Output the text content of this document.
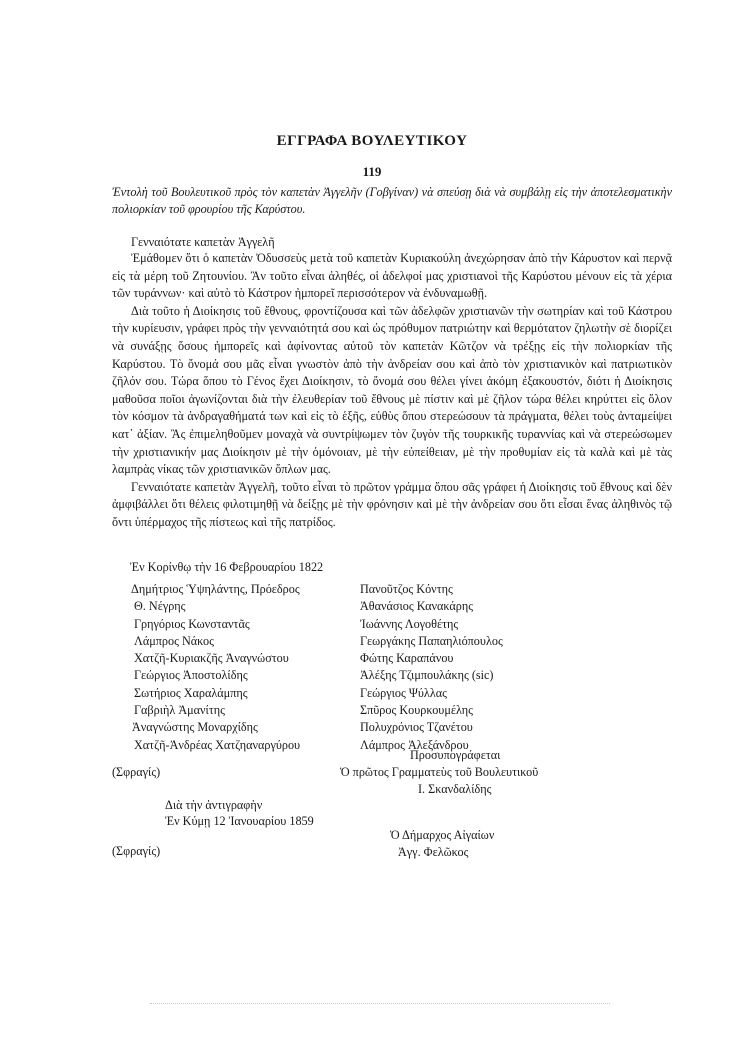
ΕΓΓΡΑΦΑ ΒΟΥΛΕΥΤΙΚΟΥ
119
Ἐντολὴ τοῦ Βουλευτικοῦ πρὸς τὸν καπετὰν Ἀγγελῆν (Γοβγίναν) νὰ σπεύσῃ διὰ νὰ συμβάλῃ εἰς τὴν ἀποτελεσματικὴν πολιορκίαν τοῦ φρουρίου τῆς Καρύστου.
Γενναιότατε καπετὰν Ἀγγελῆ

Ἐμάθομεν ὅτι ὁ καπετὰν Ὀδυσσεὺς μετὰ τοῦ καπετὰν Κυριακούλη ἀνεχώρησαν ἀπὸ τὴν Κάρυστον καὶ περνᾷ εἰς τὰ μέρη τοῦ Ζητουνίου. Ἂν τοῦτο εἶναι ἀληθές, οἱ ἀδελφοί μας χριστιανοὶ τῆς Καρύστου μένουν εἰς τὰ χέρια τῶν τυράννων· καὶ αὐτὸ τὸ Κάστρον ἠμπορεῖ περισσότερον νὰ ἐνδυναμωθῇ.

Διὰ τοῦτο ἡ Διοίκησις τοῦ ἔθνους, φροντίζουσα καὶ τῶν ἀδελφῶν χριστιανῶν τὴν σωτηρίαν καὶ τοῦ Κάστρου τὴν κυρίευσιν, γράφει πρὸς τὴν γενναιότητά σου καὶ ὡς πρόθυμον πατριώτην καὶ θερμότατον ζηλωτὴν σὲ διορίζει νὰ συνάξῃς ὅσους ἠμπορεῖς καὶ ἀφίνοντας αὐτοῦ τὸν καπετὰν Κῶτζον νὰ τρέξῃς εἰς τὴν πολιορκίαν τῆς Καρύστου. Τὸ ὄνομά σου μᾶς εἶναι γνωστὸν ἀπὸ τὴν ἀνδρείαν σου καὶ ἀπὸ τὸν χριστιανικὸν καὶ πατριωτικὸν ζῆλόν σου. Τώρα ὅπου τὸ Γένος ἔχει Διοίκησιν, τὸ ὄνομά σου θέλει γίνει ἀκόμη ἐξακουστόν, διότι ἡ Διοίκησις μαθοῦσα ποῖοι ἀγωνίζονται διὰ τὴν ἐλευθερίαν τοῦ ἔθνους μὲ πίστιν καὶ μὲ ζῆλον τώρα θέλει κηρύττει εἰς ὅλον τὸν κόσμον τὰ ἀνδραγαθήματά των καὶ εἰς τὸ ἑξῆς, εὐθὺς ὅπου στερεώσουν τὰ πράγματα, θέλει τοὺς ἀνταμείψει κατ᾽ ἀξίαν. Ἂς ἐπιμεληθοῦμεν μοναχὰ νὰ συντρίψωμεν τὸν ζυγὸν τῆς τουρκικῆς τυραννίας καὶ νὰ στερεώσωμεν τὴν χριστιανικήν μας Διοίκησιν μὲ τὴν ὁμόνοιαν, μὲ τὴν εὐπείθειαν, μὲ τὴν προθυμίαν εἰς τὰ καλὰ καὶ μὲ τὰς λαμπρὰς νίκας τῶν χριστιανικῶν ὅπλων μας.

Γενναιότατε καπετὰν Ἀγγελῆ, τοῦτο εἶναι τὸ πρῶτον γράμμα ὅπου σᾶς γράφει ἡ Διοίκησις τοῦ ἔθνους καὶ δὲν ἀμφιβάλλει ὅτι θέλεις φιλοτιμηθῇ νὰ δείξῃς μὲ τὴν φρόνησιν καὶ μὲ τὴν ἀνδρείαν σου ὅτι εἶσαι ἕνας ἀληθινὸς τῷ ὄντι ὑπέρμαχος τῆς πίστεως καὶ τῆς πατρίδος.

Ἐν Κορίνθῳ τὴν 16 Φεβρουαρίου 1822
Δημήτριος Ὑψηλάντης, Πρόεδρος
Θ. Νέγρης
Γρηγόριος Κωνσταντᾶς
Λάμπρος Νάκος
Χατζῆ-Κυριακζῆς Ἀναγνώστου
Γεώργιος Ἀποστολίδης
Σωτήριος Χαραλάμπης
Γαβριὴλ Ἀμανίτης
Ἀναγνώστης Μοναρχίδης
Χατζῆ-Ἀνδρέας Χατζηαναργύρου
Πανοῦτζος Κόντης
Ἀθανάσιος Κανακάρης
Ἰωάννης Λογοθέτης
Γεωργάκης Παπαηλιόπουλος
Φώτης Καραπάνου
Ἀλέξης Τζιμπουλάκης (sic)
Γεώργιος Ψύλλας
Σπῦρος Κουρκουμέλης
Πολυχρόνιος Τζανέτου
Λάμπρος Ἀλεξάνδρου
Προσυπογράφεται
(Σφραγίς)	Ὁ πρῶτος Γραμματεὺς τοῦ Βουλευτικοῦ
Ι. Σκανδαλίδης
Διὰ τὴν ἀντιγραφὴν
Ἐν Κύμῃ 12 Ἰανουαρίου 1859
Ὁ Δήμαρχος Αἰγαίων
(Σφραγίς)	Ἀγγ. Φελῶκος
